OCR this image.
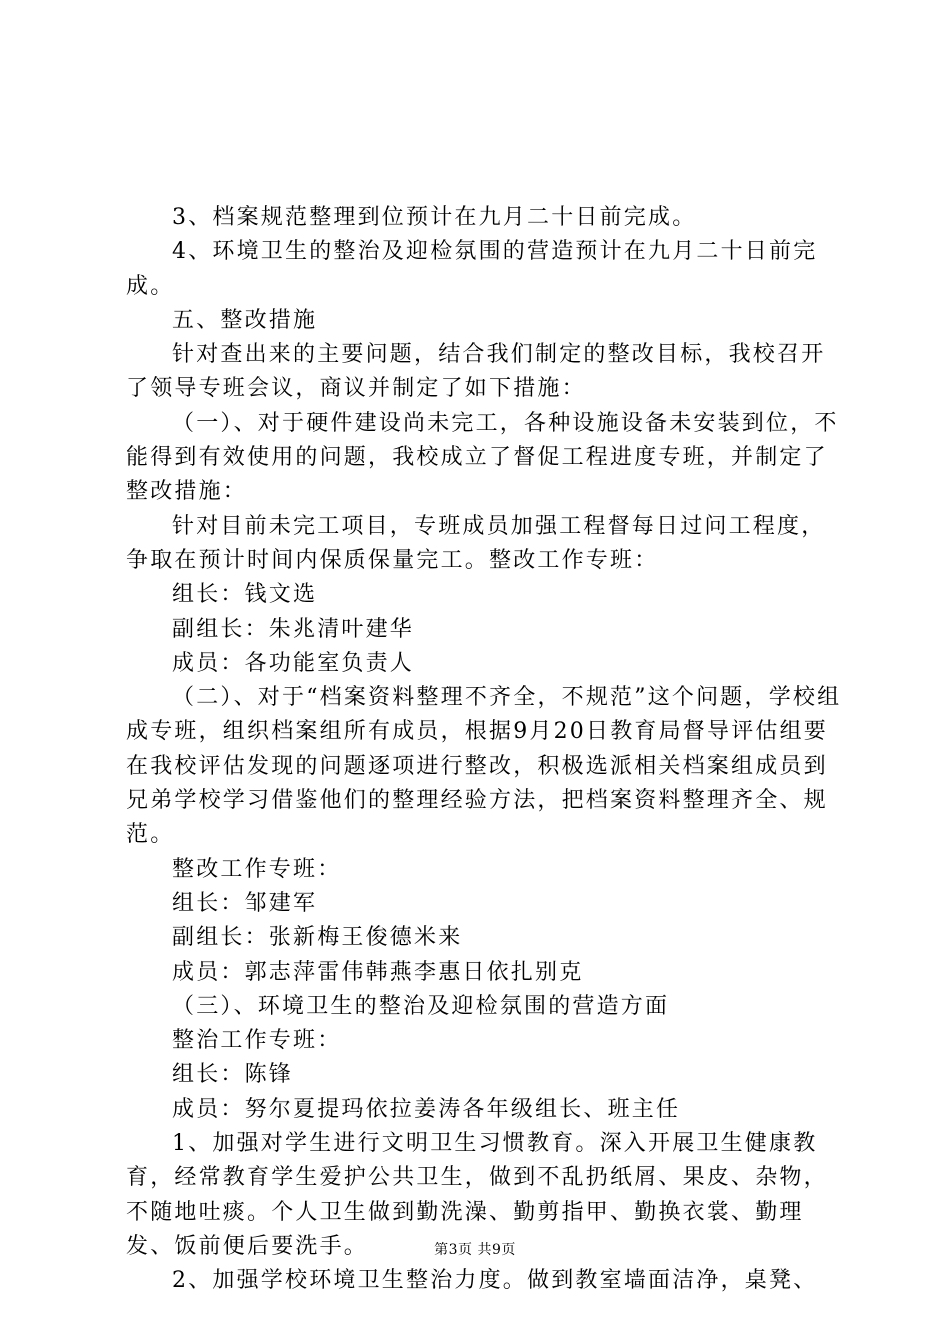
3、档案规范整理到位预计在九月二十日前完成。

4、环境卫生的整治及迎检氛围的营造预计在九月二十日前完成。

五、整改措施

针对查出来的主要问题，结合我们制定的整改目标，我校召开了领导专班会议，商议并制定了如下措施：

（一）、对于硬件建设尚未完工，各种设施设备未安装到位，不能得到有效使用的问题，我校成立了督促工程进度专班，并制定了整改措施：

针对目前未完工项目，专班成员加强工程督每日过问工程度，争取在预计时间内保质保量完工。整改工作专班：

组长：钱文选

副组长：朱兆清叶建华

成员：各功能室负责人

（二）、对于“档案资料整理不齐全，不规范”这个问题，学校组成专班，组织档案组所有成员，根据9月20日教育局督导评估组要在我校评估发现的问题逐项进行整改，积极选派相关档案组成员到兄弟学校学习借鉴他们的整理经验方法，把档案资料整理齐全、规范。

整改工作专班：

组长：邹建军

副组长：张新梅王俊德米来

成员：郭志萍雷伟韩燕李惠日依扎别克

（三）、环境卫生的整治及迎检氛围的营造方面

整治工作专班：

组长：陈锋

成员：努尔夏提玛依拉姜涛各年级组长、班主任

1、加强对学生进行文明卫生习惯教育。深入开展卫生健康教育，经常教育学生爱护公共卫生，做到不乱扔纸屑、果皮、杂物，不随地吐痰。个人卫生做到勤洗澡、勤剪指甲、勤换衣裳、勤理发、饭前便后要洗手。

2、加强学校环境卫生整治力度。做到教室墙面洁净，桌凳、

第3页 共9页
